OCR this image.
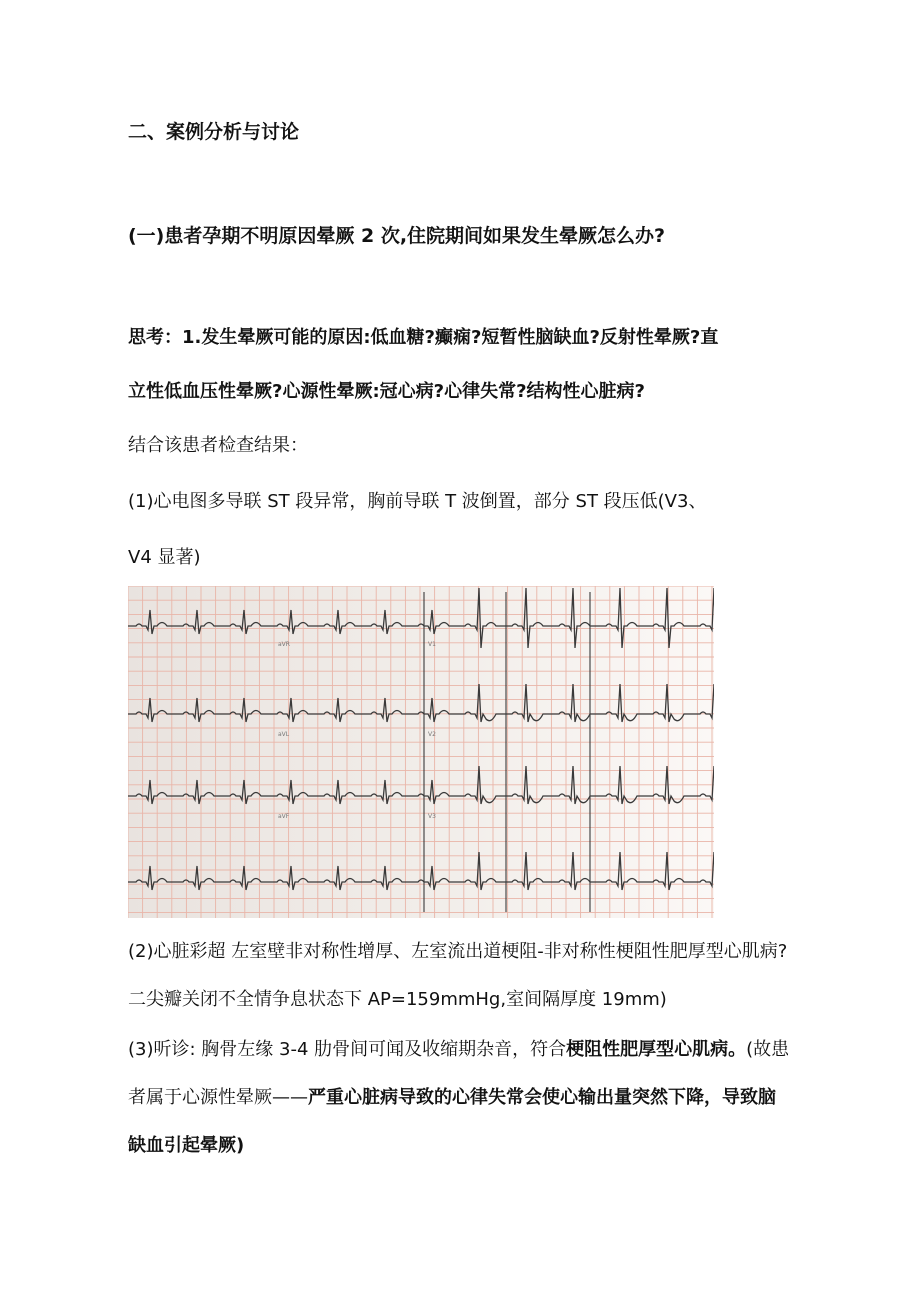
二、案例分析与讨论
(一)患者孕期不明原因晕厥 2 次,住院期间如果发生晕厥怎么办?
思考：1.发生晕厥可能的原因:低血糖?癫痫?短暂性脑缺血?反射性晕厥?直
立性低血压性晕厥?心源性晕厥:冠心病?心律失常?结构性心脏病?
结合该患者检查结果：
(1)心电图多导联 ST 段异常，胸前导联 T 波倒置，部分 ST 段压低(V3、
V4 显著)
aVR
aVL
aVF
V1
V2
V3
(2)心脏彩超 左室壁非对称性增厚、左室流出道梗阻-非对称性梗阻性肥厚型心肌病?
二尖瓣关闭不全情争息状态下 AP=159mmHg,室间隔厚度 19mm)
(3)听诊: 胸骨左缘 3-4 肋骨间可闻及收缩期杂音，符合梗阻性肥厚型心肌病。(故患
者属于心源性晕厥——严重心脏病导致的心律失常会使心输出量突然下降，导致脑
缺血引起晕厥)
